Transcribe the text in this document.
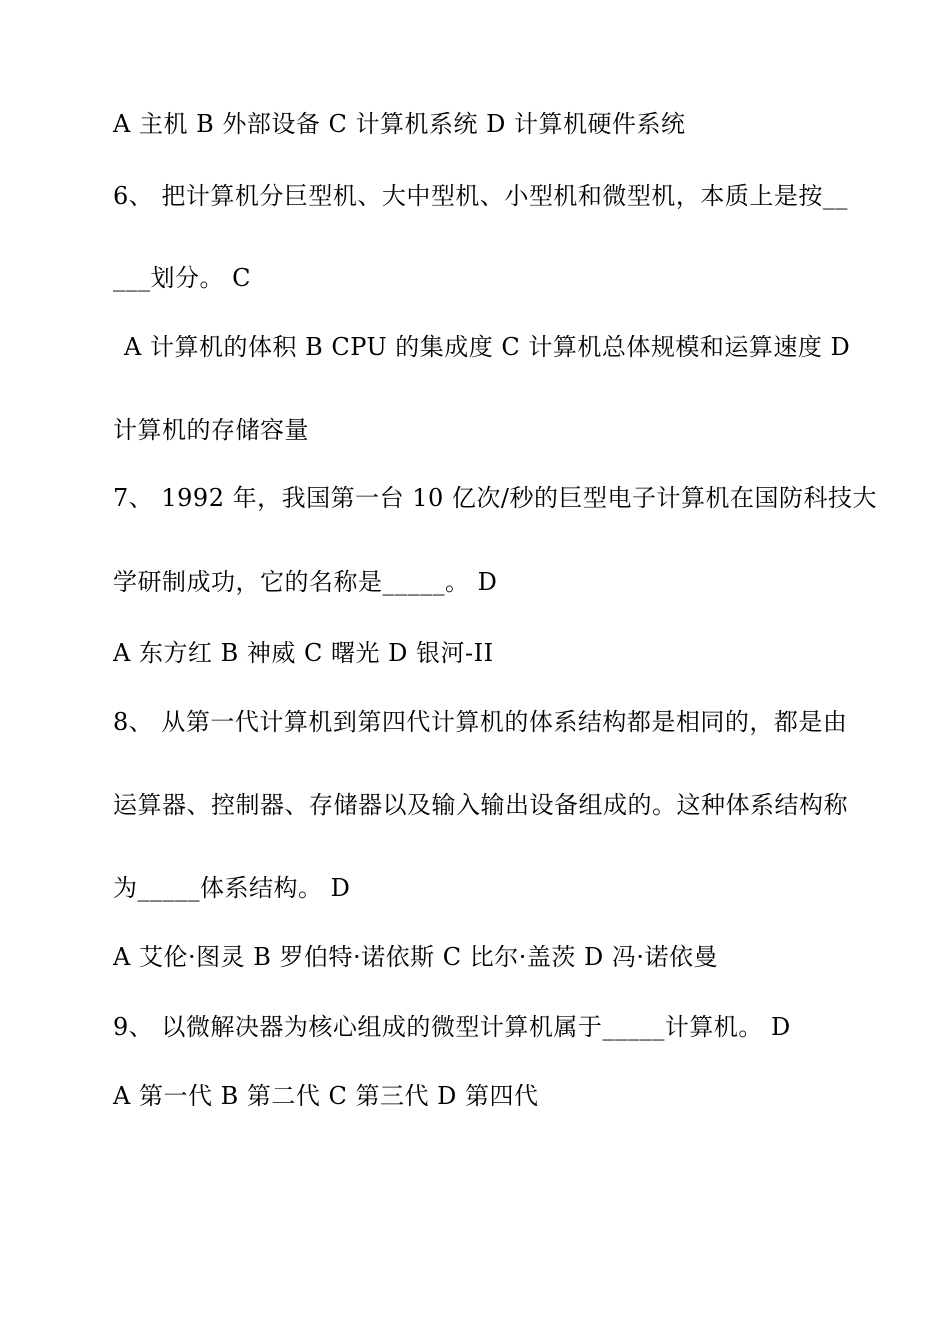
A 主机 B 外部设备 C 计算机系统 D 计算机硬件系统
6、 把计算机分巨型机、大中型机、小型机和微型机，本质上是按__
___划分。 C
A 计算机的体积 B CPU 的集成度 C 计算机总体规模和运算速度 D
计算机的存储容量
7、 1992 年，我国第一台 10 亿次/秒的巨型电子计算机在国防科技大
学研制成功，它的名称是_____。 D
A 东方红 B 神威 C 曙光 D 银河-II
8、 从第一代计算机到第四代计算机的体系结构都是相同的，都是由
运算器、控制器、存储器以及输入输出设备组成的。这种体系结构称
为_____体系结构。 D
A 艾伦·图灵 B 罗伯特·诺依斯 C 比尔·盖茨 D 冯·诺依曼
9、 以微解决器为核心组成的微型计算机属于_____计算机。 D
A 第一代 B 第二代 C 第三代 D 第四代
